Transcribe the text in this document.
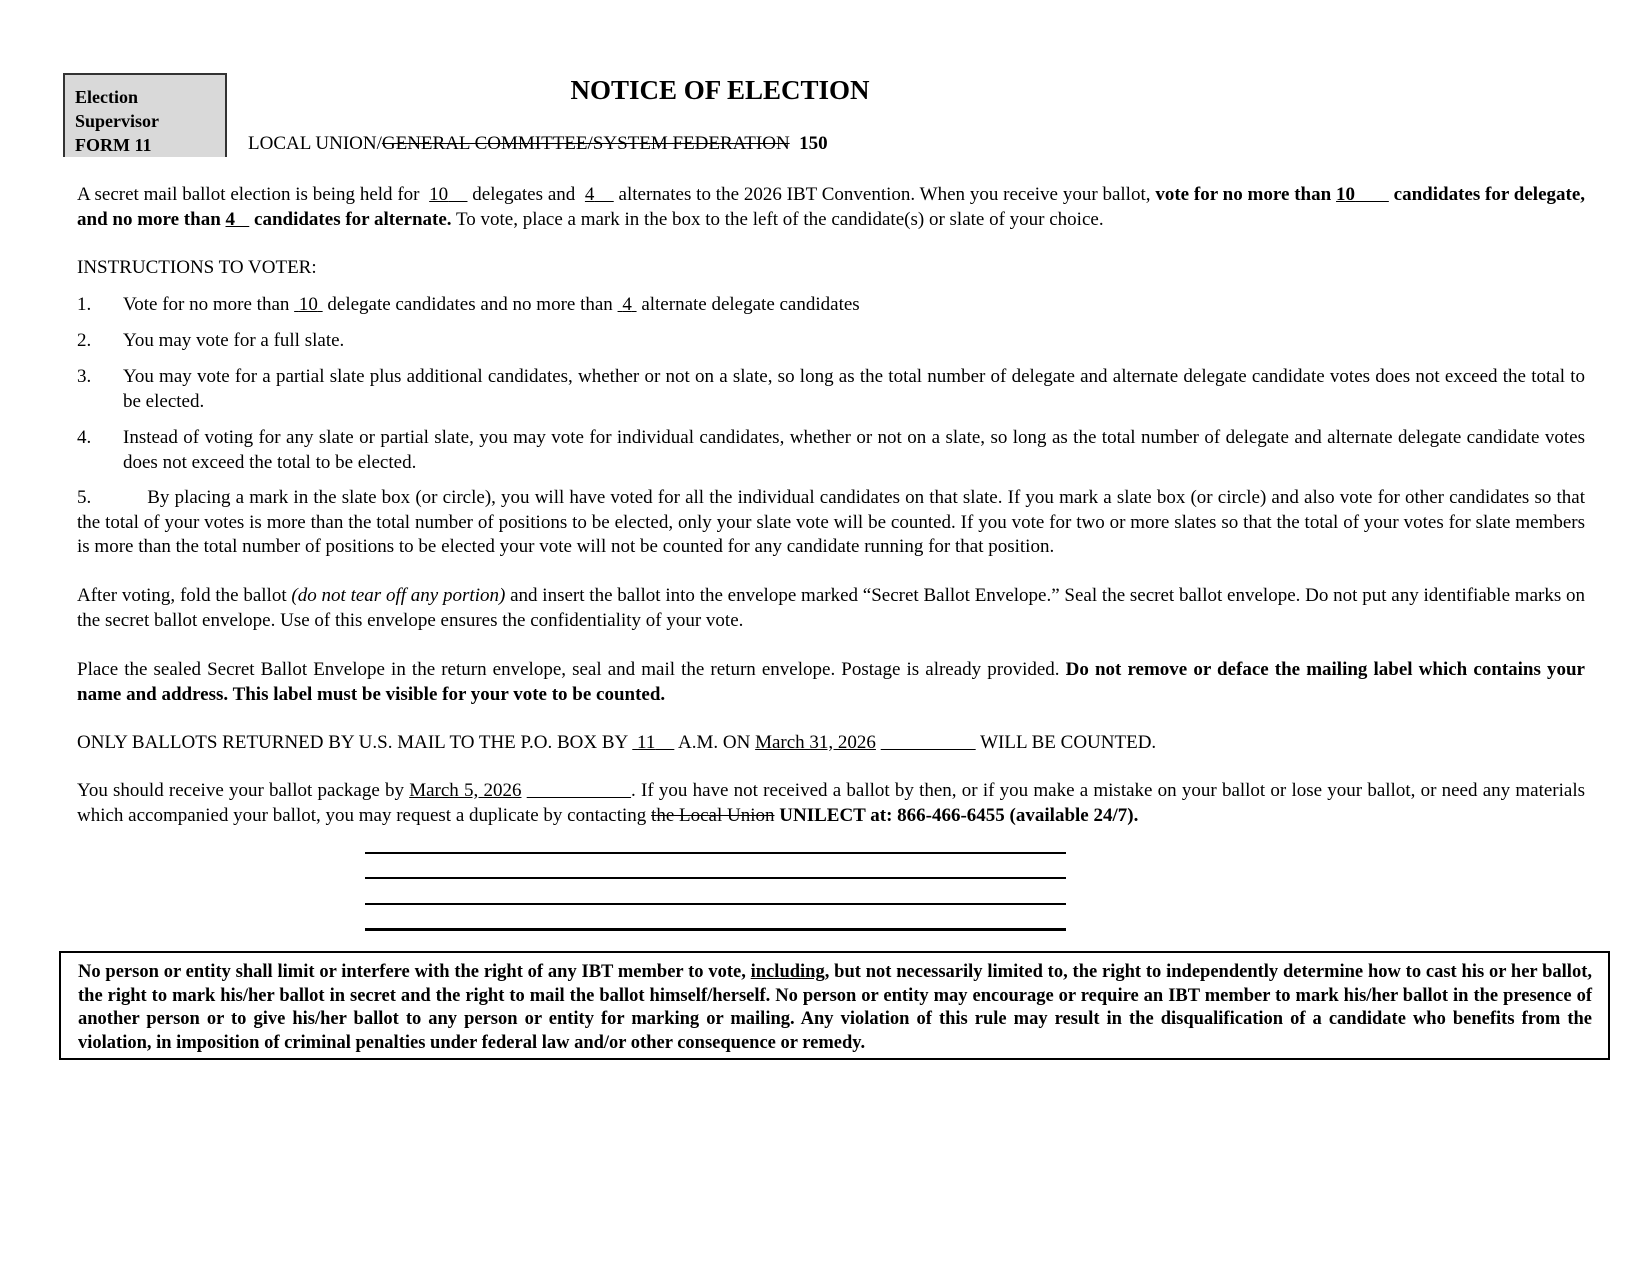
Election
Supervisor
FORM 11
NOTICE OF ELECTION
LOCAL UNION/GENERAL COMMITTEE/SYSTEM FEDERATION 150
A secret mail ballot election is being held for  10     delegates and  4     alternates to the 2026 IBT Convention. When you receive your ballot, vote for no more than 10        candidates for delegate, and no more than 4    candidates for alternate. To vote, place a mark in the box to the left of the candidate(s) or slate of your choice.
INSTRUCTIONS TO VOTER:
1.	Vote for no more than  10  delegate candidates and no more than  4  alternate delegate candidates
2.	You may vote for a full slate.
3.	You may vote for a partial slate plus additional candidates, whether or not on a slate, so long as the total number of delegate and alternate delegate candidate votes does not exceed the total to be elected.
4.	Instead of voting for any slate or partial slate, you may vote for individual candidates, whether or not on a slate, so long as the total number of delegate and alternate delegate candidate votes does not exceed the total to be elected.
5.	By placing a mark in the slate box (or circle), you will have voted for all the individual candidates on that slate. If you mark a slate box (or circle) and also vote for other candidates so that the total of your votes is more than the total number of positions to be elected, only your slate vote will be counted. If you vote for two or more slates so that the total of your votes for slate members is more than the total number of positions to be elected your vote will not be counted for any candidate running for that position.
After voting, fold the ballot (do not tear off any portion) and insert the ballot into the envelope marked “Secret Ballot Envelope.” Seal the secret ballot envelope. Do not put any identifiable marks on the secret ballot envelope. Use of this envelope ensures the confidentiality of your vote.
Place the sealed Secret Ballot Envelope in the return envelope, seal and mail the return envelope. Postage is already provided. Do not remove or deface the mailing label which contains your name and address. This label must be visible for your vote to be counted.
ONLY BALLOTS RETURNED BY U.S. MAIL TO THE P.O. BOX BY  11     A.M. ON March 31, 2026	WILL BE COUNTED.
You should receive your ballot package by March 5, 2026	. If you have not received a ballot by then, or if you make a mistake on your ballot or lose your ballot, or need any materials which accompanied your ballot, you may request a duplicate by contacting the Local Union UNILECT at: 866-466-6455 (available 24/7).
No person or entity shall limit or interfere with the right of any IBT member to vote, including, but not necessarily limited to, the right to independently determine how to cast his or her ballot, the right to mark his/her ballot in secret and the right to mail the ballot himself/herself. No person or entity may encourage or require an IBT member to mark his/her ballot in the presence of another person or to give his/her ballot to any person or entity for marking or mailing. Any violation of this rule may result in the disqualification of a candidate who benefits from the violation, in imposition of criminal penalties under federal law and/or other consequence or remedy.
